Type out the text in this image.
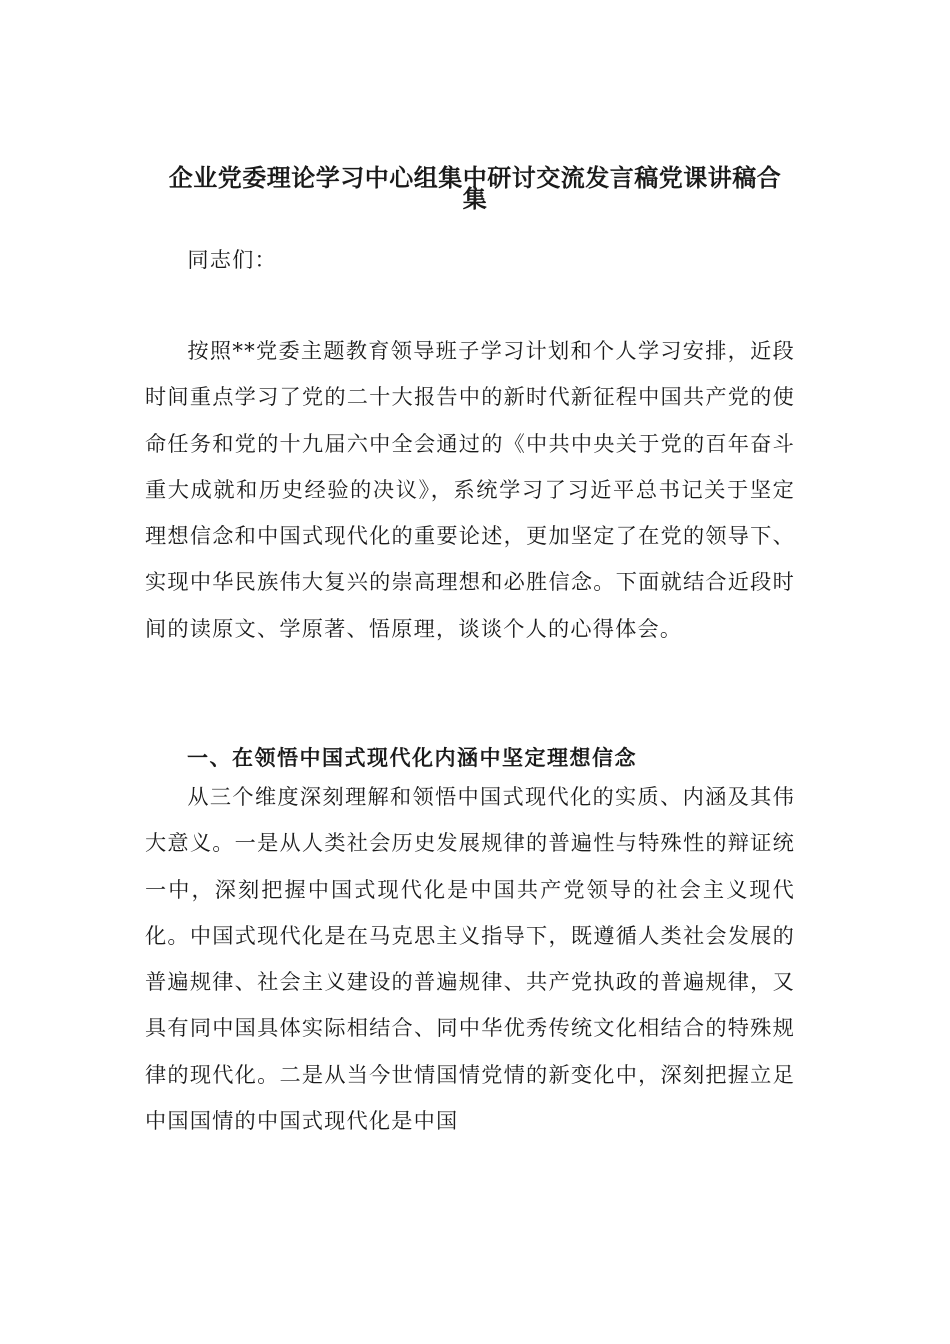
企业党委理论学习中心组集中研讨交流发言稿党课讲稿合
集

同志们：

按照**党委主题教育领导班子学习计划和个人学习安排，近段时间重点学习了党的二十大报告中的新时代新征程中国共产党的使命任务和党的十九届六中全会通过的《中共中央关于党的百年奋斗重大成就和历史经验的决议》，系统学习了习近平总书记关于坚定理想信念和中国式现代化的重要论述，更加坚定了在党的领导下、实现中华民族伟大复兴的崇高理想和必胜信念。下面就结合近段时间的读原文、学原著、悟原理，谈谈个人的心得体会。

一、在领悟中国式现代化内涵中坚定理想信念

从三个维度深刻理解和领悟中国式现代化的实质、内涵及其伟大意义。一是从人类社会历史发展规律的普遍性与特殊性的辩证统一中，深刻把握中国式现代化是中国共产党领导的社会主义现代化。中国式现代化是在马克思主义指导下，既遵循人类社会发展的普遍规律、社会主义建设的普遍规律、共产党执政的普遍规律，又具有同中国具体实际相结合、同中华优秀传统文化相结合的特殊规律的现代化。二是从当今世情国情党情的新变化中，深刻把握立足中国国情的中国式现代化是中国
